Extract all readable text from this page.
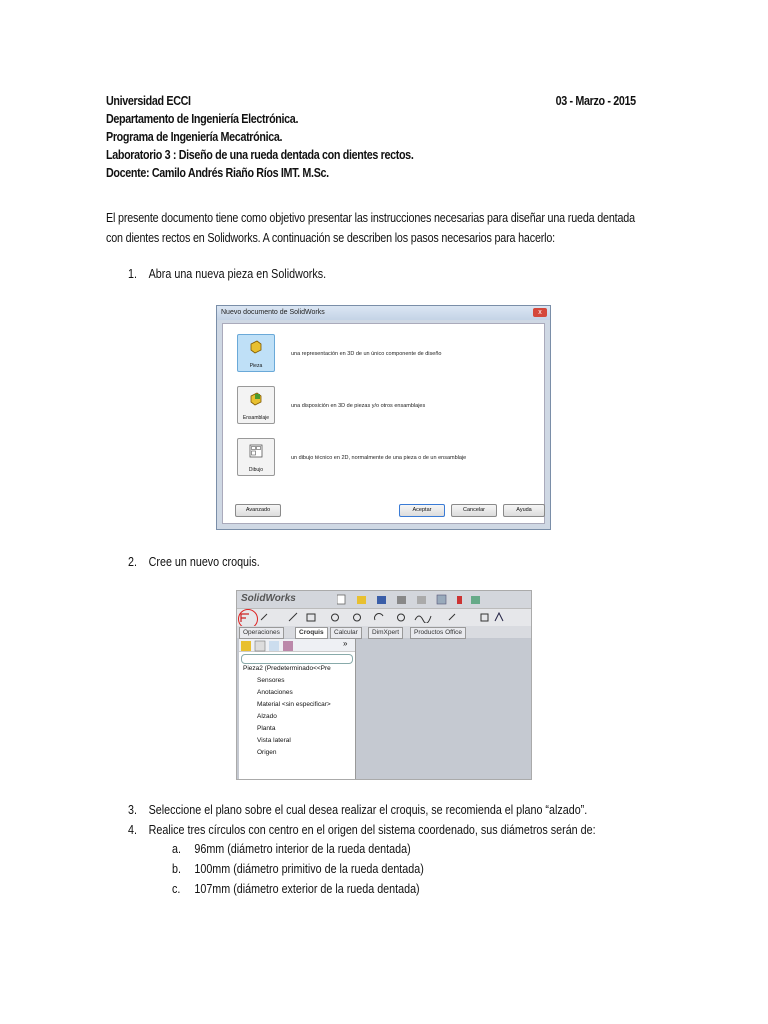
Universidad ECCI	03 - Marzo - 2015
Departamento de Ingeniería Electrónica.
Programa de Ingeniería Mecatrónica.
Laboratorio 3 : Diseño de una rueda dentada con dientes rectos.
Docente: Camilo Andrés Riaño Ríos IMT. M.Sc.
El presente documento tiene como objetivo presentar las instrucciones necesarias para diseñar una rueda dentada con dientes rectos en Solidworks. A continuación se describen los pasos necesarios para hacerlo:
1. Abra una nueva pieza en Solidworks.
Nuevo documento de SolidWorks	x
Pieza
una representación en 3D de un único componente de diseño
Ensamblaje
una disposición en 3D de piezas y/o otros ensamblajes
Dibujo
un dibujo técnico en 2D, normalmente de una pieza o de un ensamblaje
Avanzado	Aceptar	Cancelar	Ayuda
2. Cree un nuevo croquis.
SolidWorks
Operaciones	Croquis	Calcular	DimXpert	Productos Office
»
Pieza2 (Predeterminado<<Pre
Sensores
Anotaciones
Material <sin especificar>
Alzado
Planta
Vista lateral
Origen
3. Seleccione el plano sobre el cual desea realizar el croquis, se recomienda el plano “alzado”.
4. Realice tres círculos con centro en el origen del sistema coordenado, sus diámetros serán de:
a. 96mm (diámetro interior de la rueda dentada)
b. 100mm (diámetro primitivo de la rueda dentada)
c. 107mm (diámetro exterior de la rueda dentada)
